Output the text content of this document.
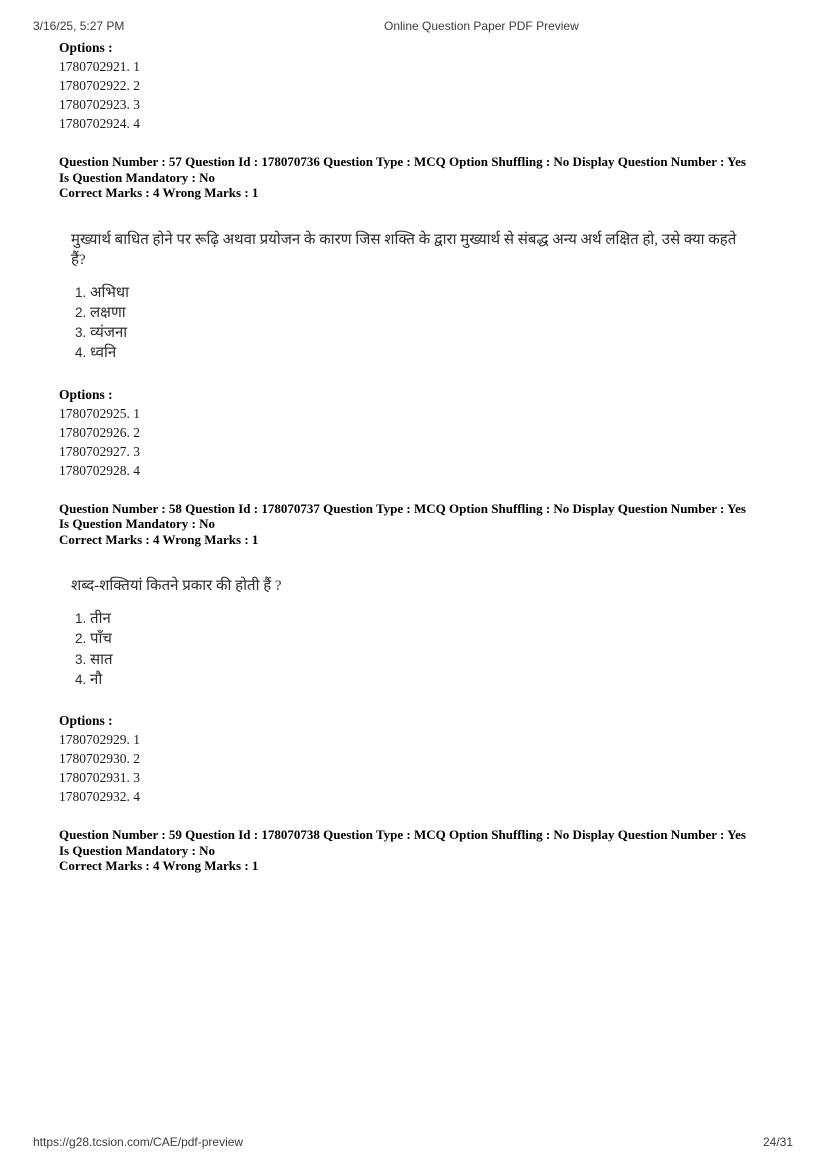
3/16/25, 5:27 PM	Online Question Paper PDF Preview
Options :
1780702921. 1
1780702922. 2
1780702923. 3
1780702924. 4
Question Number : 57 Question Id : 178070736 Question Type : MCQ Option Shuffling : No Display Question Number : Yes Is Question Mandatory : No
Correct Marks : 4 Wrong Marks : 1
मुख्यार्थ बाधित होने पर रूढ़ि अथवा प्रयोजन के कारण जिस शक्ति के द्वारा मुख्यार्थ से संबद्ध अन्य अर्थ लक्षित हो, उसे क्या कहते हैं?
1. अभिधा
2. लक्षणा
3. व्यंजना
4. ध्वनि
Options :
1780702925. 1
1780702926. 2
1780702927. 3
1780702928. 4
Question Number : 58 Question Id : 178070737 Question Type : MCQ Option Shuffling : No Display Question Number : Yes Is Question Mandatory : No
Correct Marks : 4 Wrong Marks : 1
शब्द-शक्तियां कितने प्रकार की होती हैं ?
1. तीन
2. पाँच
3. सात
4. नौ
Options :
1780702929. 1
1780702930. 2
1780702931. 3
1780702932. 4
Question Number : 59 Question Id : 178070738 Question Type : MCQ Option Shuffling : No Display Question Number : Yes Is Question Mandatory : No
Correct Marks : 4 Wrong Marks : 1
https://g28.tcsion.com/CAE/pdf-preview	24/31
